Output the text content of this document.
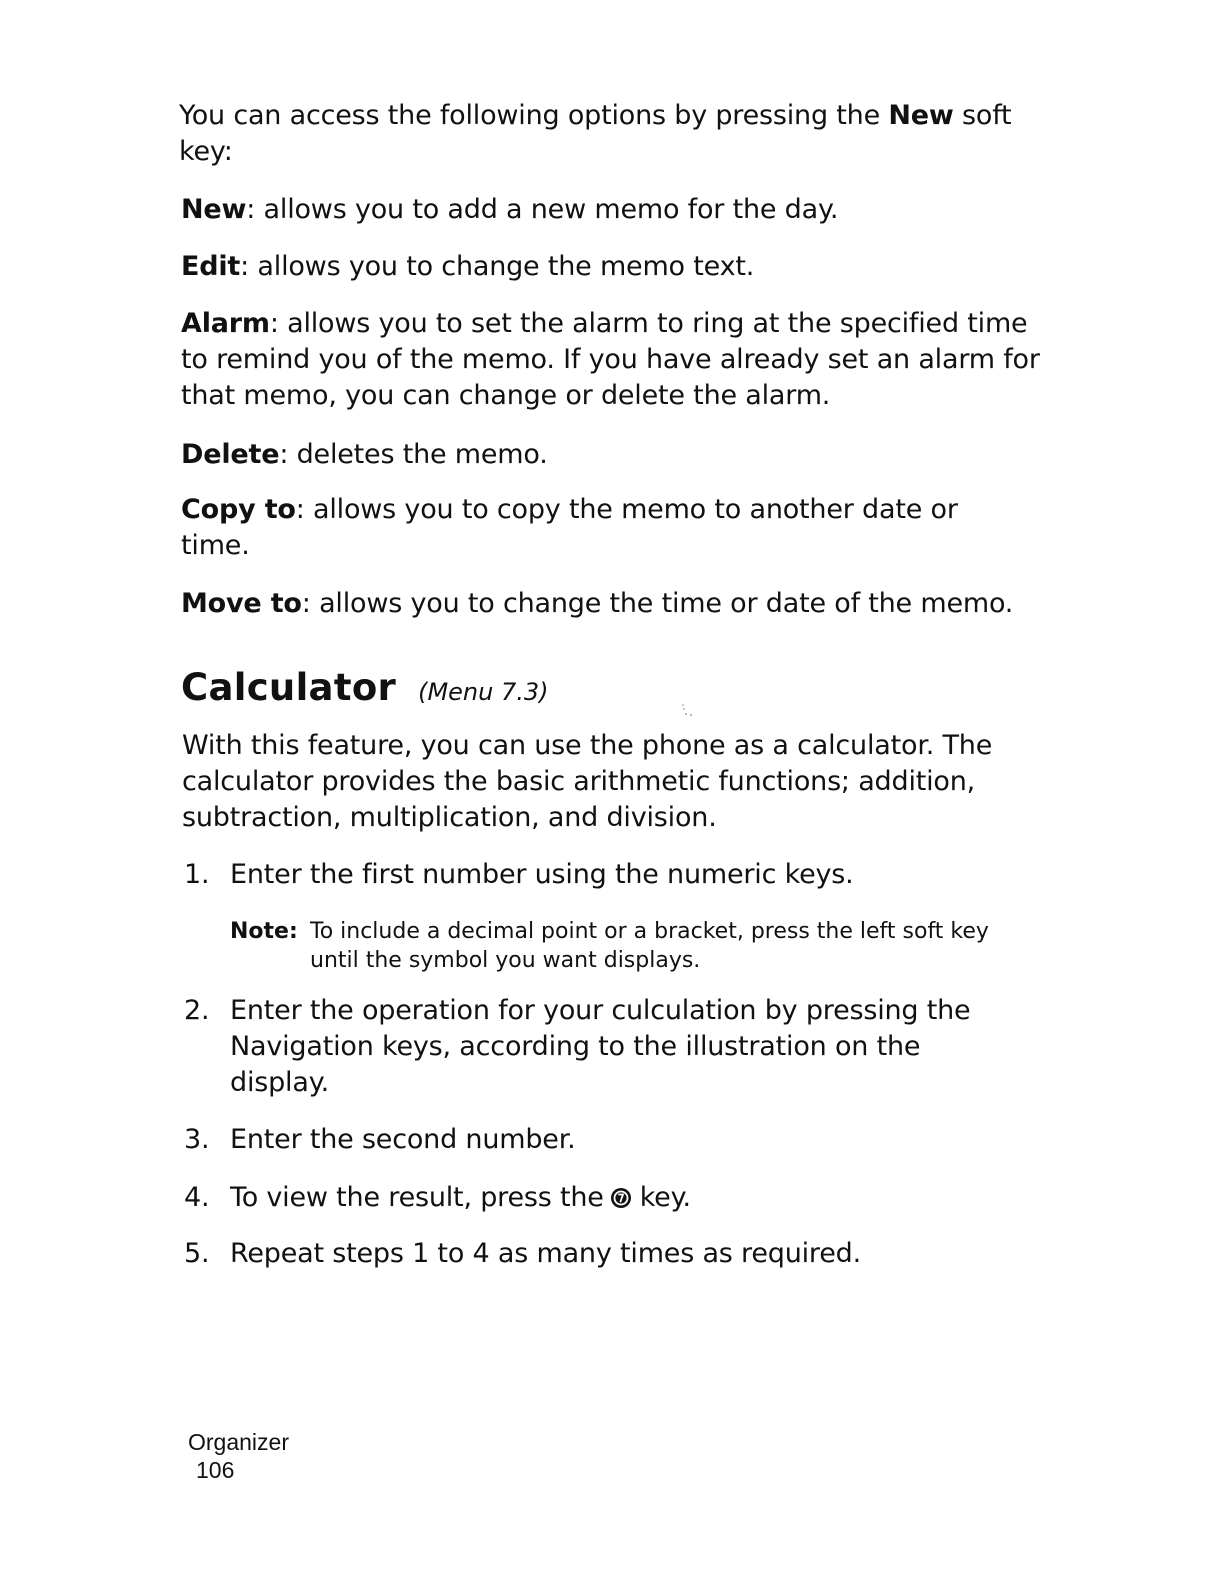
You can access the following options by pressing the New soft key:

New: allows you to add a new memo for the day.

Edit: allows you to change the memo text.

Alarm: allows you to set the alarm to ring at the specified time to remind you of the memo. If you have already set an alarm for that memo, you can change or delete the alarm.

Delete: deletes the memo.

Copy to: allows you to copy the memo to another date or time.

Move to: allows you to change the time or date of the memo.

Calculator (Menu 7.3)

With this feature, you can use the phone as a calculator. The calculator provides the basic arithmetic functions; addition, subtraction, multiplication, and division.

1. Enter the first number using the numeric keys.
Note: To include a decimal point or a bracket, press the left soft key until the symbol you want displays.
2. Enter the operation for your culculation by pressing the Navigation keys, according to the illustration on the display.
3. Enter the second number.
4. To view the result, press the key.
5. Repeat steps 1 to 4 as many times as required.
Organizer
106
